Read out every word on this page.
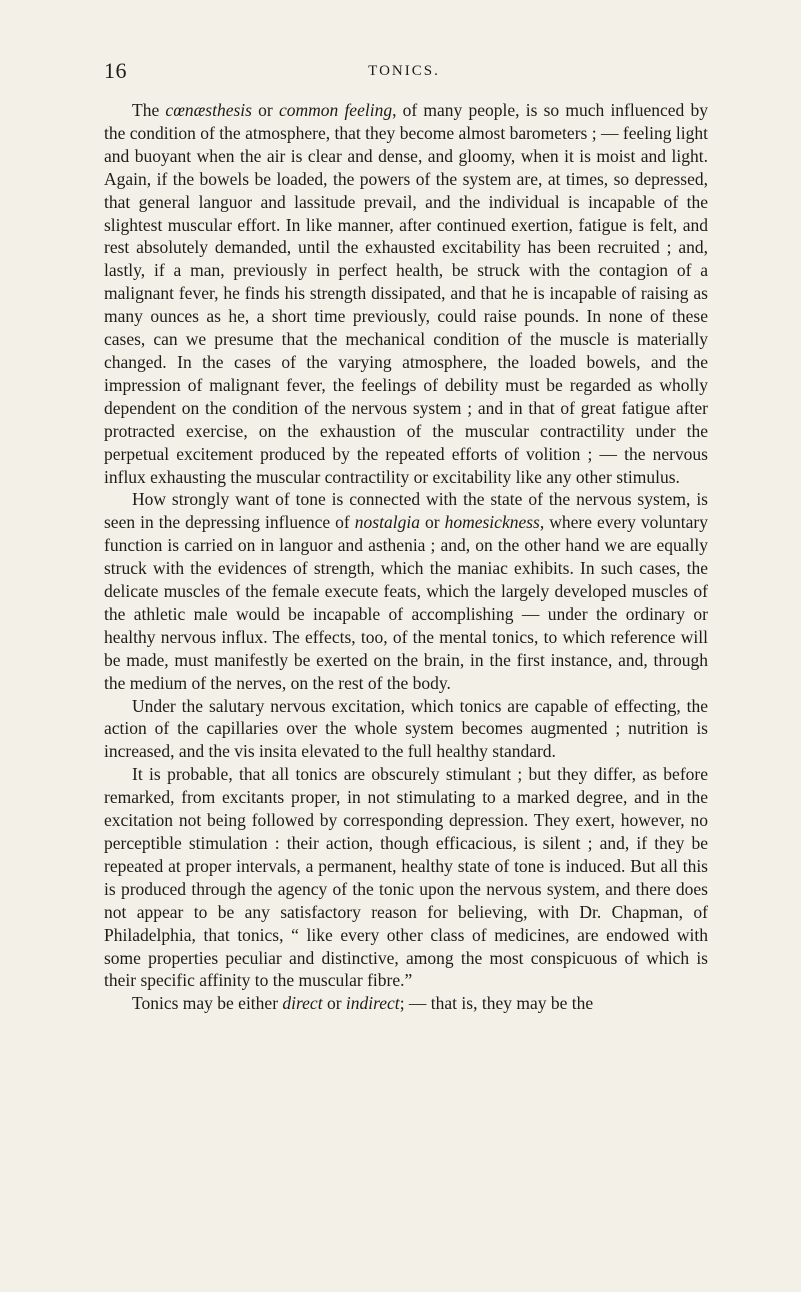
16	TONICS.

The cœnæsthesis or common feeling, of many people, is so much influenced by the condition of the atmosphere, that they become almost barometers ; — feeling light and buoyant when the air is clear and dense, and gloomy, when it is moist and light. Again, if the bowels be loaded, the powers of the system are, at times, so depressed, that general languor and lassitude prevail, and the individual is incapable of the slightest muscular effort. In like manner, after continued exertion, fatigue is felt, and rest absolutely demanded, until the exhausted excitability has been recruited ; and, lastly, if a man, previously in perfect health, be struck with the contagion of a malignant fever, he finds his strength dissipated, and that he is incapable of raising as many ounces as he, a short time previously, could raise pounds. In none of these cases, can we presume that the mechanical condition of the muscle is materially changed. In the cases of the varying atmosphere, the loaded bowels, and the impression of malignant fever, the feelings of debility must be regarded as wholly dependent on the condition of the nervous system ; and in that of great fatigue after protracted exercise, on the exhaustion of the muscular contractility under the perpetual excitement produced by the repeated efforts of volition ; — the nervous influx exhausting the muscular contractility or excitability like any other stimulus.

How strongly want of tone is connected with the state of the nervous system, is seen in the depressing influence of nostalgia or homesickness, where every voluntary function is carried on in languor and asthenia ; and, on the other hand we are equally struck with the evidences of strength, which the maniac exhibits. In such cases, the delicate muscles of the female execute feats, which the largely developed muscles of the athletic male would be incapable of accomplishing — under the ordinary or healthy nervous influx. The effects, too, of the mental tonics, to which reference will be made, must manifestly be exerted on the brain, in the first instance, and, through the medium of the nerves, on the rest of the body.

Under the salutary nervous excitation, which tonics are capable of effecting, the action of the capillaries over the whole system becomes augmented ; nutrition is increased, and the vis insita elevated to the full healthy standard.

It is probable, that all tonics are obscurely stimulant ; but they differ, as before remarked, from excitants proper, in not stimulating to a marked degree, and in the excitation not being followed by corresponding depression. They exert, however, no perceptible stimulation : their action, though efficacious, is silent ; and, if they be repeated at proper intervals, a permanent, healthy state of tone is induced. But all this is produced through the agency of the tonic upon the nervous system, and there does not appear to be any satisfactory reason for believing, with Dr. Chapman, of Philadelphia, that tonics, “ like every other class of medicines, are endowed with some properties peculiar and distinctive, among the most conspicuous of which is their specific affinity to the muscular fibre.”

Tonics may be either direct or indirect; — that is, they may be the
